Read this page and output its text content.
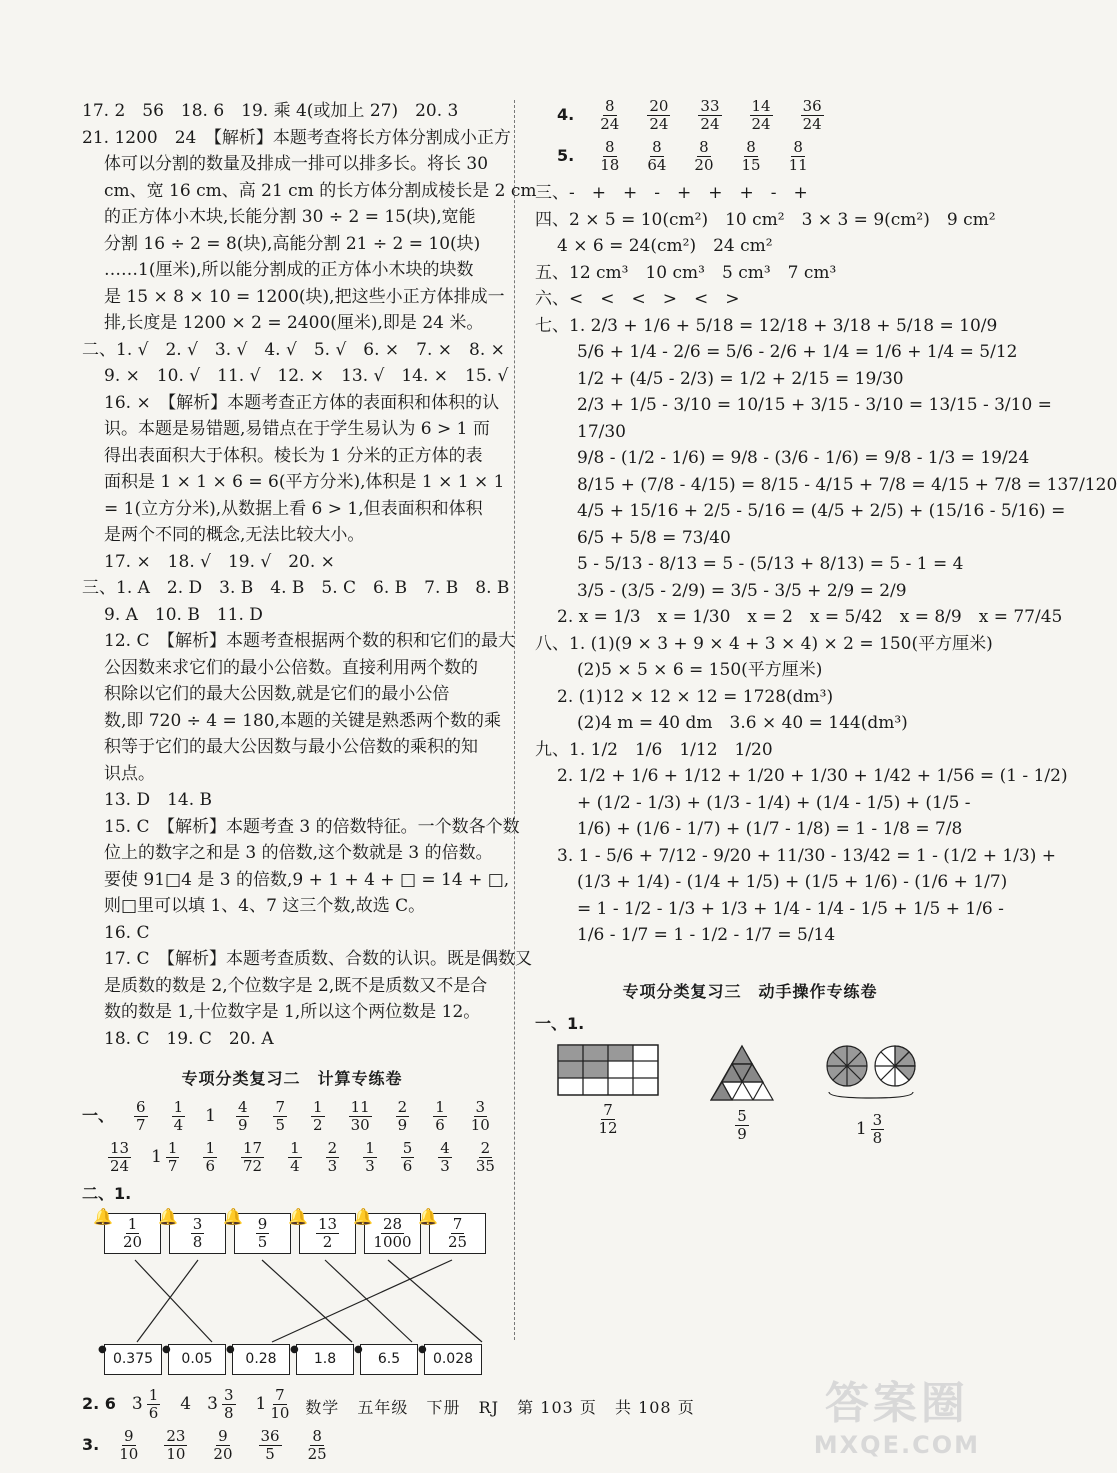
17. 2　56　18. 6　19. 乘 4(或加上 27)　20. 3
21. 1200　24　【解析】本题考查将长方体分割成小正方
体可以分割的数量及排成一排可以排多长。将长 30
cm、宽 16 cm、高 21 cm 的长方体分割成棱长是 2 cm
的正方体小木块,长能分割 30 ÷ 2 = 15(块),宽能
分割 16 ÷ 2 = 8(块),高能分割 21 ÷ 2 = 10(块)
……1(厘米),所以能分割成的正方体小木块的块数
是 15 × 8 × 10 = 1200(块),把这些小正方体排成一
排,长度是 1200 × 2 = 2400(厘米),即是 24 米。
二、1. √　2. √　3. √　4. √　5. √　6. ×　7. ×　8. ×
9. ×　10. √　11. √　12. ×　13. √　14. ×　15. √
16. ×　【解析】本题考查正方体的表面积和体积的认
识。本题是易错题,易错点在于学生易认为 6 > 1 而
得出表面积大于体积。棱长为 1 分米的正方体的表
面积是 1 × 1 × 6 = 6(平方分米),体积是 1 × 1 × 1
= 1(立方分米),从数据上看 6 > 1,但表面积和体积
是两个不同的概念,无法比较大小。
17. ×　18. √　19. √　20. ×
三、1. A　2. D　3. B　4. B　5. C　6. B　7. B　8. B
9. A　10. B　11. D
12. C　【解析】本题考查根据两个数的积和它们的最大
公因数来求它们的最小公倍数。直接利用两个数的
积除以它们的最大公因数,就是它们的最小公倍
数,即 720 ÷ 4 = 180,本题的关键是熟悉两个数的乘
积等于它们的最大公因数与最小公倍数的乘积的知
识点。
13. D　14. B
15. C　【解析】本题考查 3 的倍数特征。一个数各个数
位上的数字之和是 3 的倍数,这个数就是 3 的倍数。
要使 91□4 是 3 的倍数,9 + 1 + 4 + □ = 14 + □,
则□里可以填 1、4、7 这三个数,故选 C。
16. C
17. C　【解析】本题考查质数、合数的认识。既是偶数又
是质数的数是 2,个位数字是 2,既不是质数又不是合
数的数是 1,十位数字是 1,所以这个两位数是 12。
18. C　19. C　20. A
专项分类复习二　计算专练卷
一、 $\frac{6}{7} \frac{1}{4} 1 \frac{4}{9} \frac{7}{5} \frac{1}{2} \frac{11}{30} \frac{2}{9} \frac{1}{6} \frac{3}{10}$
$\frac{13}{24} 1 \frac{1}{7} \frac{1}{6} \frac{17}{72} \frac{1}{4} \frac{2}{3} \frac{1}{3} \frac{5}{6} \frac{4}{3} \frac{2}{35}$
二、1.
🔔 $\frac{1}{20}$ 🔔 $\frac{3}{8}$ 🔔 $\frac{9}{5}$ 🔔 $\frac{13}{2}$ 🔔 $\frac{28}{1000}$ 🔔 $\frac{7}{25}$
●
0.375
●
0.05
●
0.28
●
1.8
●
6.5
●
0.028
2. 6 $3 \frac{1}{6} 4$ $3 \frac{3}{8} 1 \frac{7}{10}$
3. $\frac{9}{10} \frac{23}{10} \frac{9}{20} \frac{36}{5} \frac{8}{25}$
4. $\frac{8}{24} \frac{20}{24} \frac{33}{24} \frac{14}{24} \frac{36}{24}$
5. $\frac{8}{18} \frac{8}{64} \frac{8}{20} \frac{8}{15} \frac{8}{11}$
三、-　+　+　-　+　+　+　-　+
四、2 × 5 = 10(cm²)　10 cm²　3 × 3 = 9(cm²)　9 cm²
4 × 6 = 24(cm²)　24 cm²
五、12 cm³　10 cm³　5 cm³　7 cm³
六、<　<　<　>　<　>
七、1. 2/3 + 1/6 + 5/18 = 12/18 + 3/18 + 5/18 = 10/9
5/6 + 1/4 - 2/6 = 5/6 - 2/6 + 1/4 = 1/6 + 1/4 = 5/12
1/2 + (4/5 - 2/3) = 1/2 + 2/15 = 19/30
2/3 + 1/5 - 3/10 = 10/15 + 3/15 - 3/10 = 13/15 - 3/10 =
17/30
9/8 - (1/2 - 1/6) = 9/8 - (3/6 - 1/6) = 9/8 - 1/3 = 19/24
8/15 + (7/8 - 4/15) = 8/15 - 4/15 + 7/8 = 4/15 + 7/8 = 137/120
4/5 + 15/16 + 2/5 - 5/16 = (4/5 + 2/5) + (15/16 - 5/16) =
6/5 + 5/8 = 73/40
5 - 5/13 - 8/13 = 5 - (5/13 + 8/13) = 5 - 1 = 4
3/5 - (3/5 - 2/9) = 3/5 - 3/5 + 2/9 = 2/9
2. x = 1/3　x = 1/30　x = 2　x = 5/42　x = 8/9　x = 77/45
八、1. (1)(9 × 3 + 9 × 4 + 3 × 4) × 2 = 150(平方厘米)
(2)5 × 5 × 6 = 150(平方厘米)
2. (1)12 × 12 × 12 = 1728(dm³)
(2)4 m = 40 dm　3.6 × 40 = 144(dm³)
九、1. 1/2　1/6　1/12　1/20
2. 1/2 + 1/6 + 1/12 + 1/20 + 1/30 + 1/42 + 1/56 = (1 - 1/2)
+ (1/2 - 1/3) + (1/3 - 1/4) + (1/4 - 1/5) + (1/5 -
1/6) + (1/6 - 1/7) + (1/7 - 1/8) = 1 - 1/8 = 7/8
3. 1 - 5/6 + 7/12 - 9/20 + 11/30 - 13/42 = 1 - (1/2 + 1/3) +
(1/3 + 1/4) - (1/4 + 1/5) + (1/5 + 1/6) - (1/6 + 1/7)
= 1 - 1/2 - 1/3 + 1/3 + 1/4 - 1/4 - 1/5 + 1/5 + 1/6 -
1/6 - 1/7 = 1 - 1/2 - 1/7 = 5/14
专项分类复习三　动手操作专练卷
一、1.
$\frac{7}{12}$	$\frac{5}{9}$	$1 \frac{3}{8}$
数学 五年级 下册 RJ 第 103 页 共 108 页	答案圈
MXQE.COM
